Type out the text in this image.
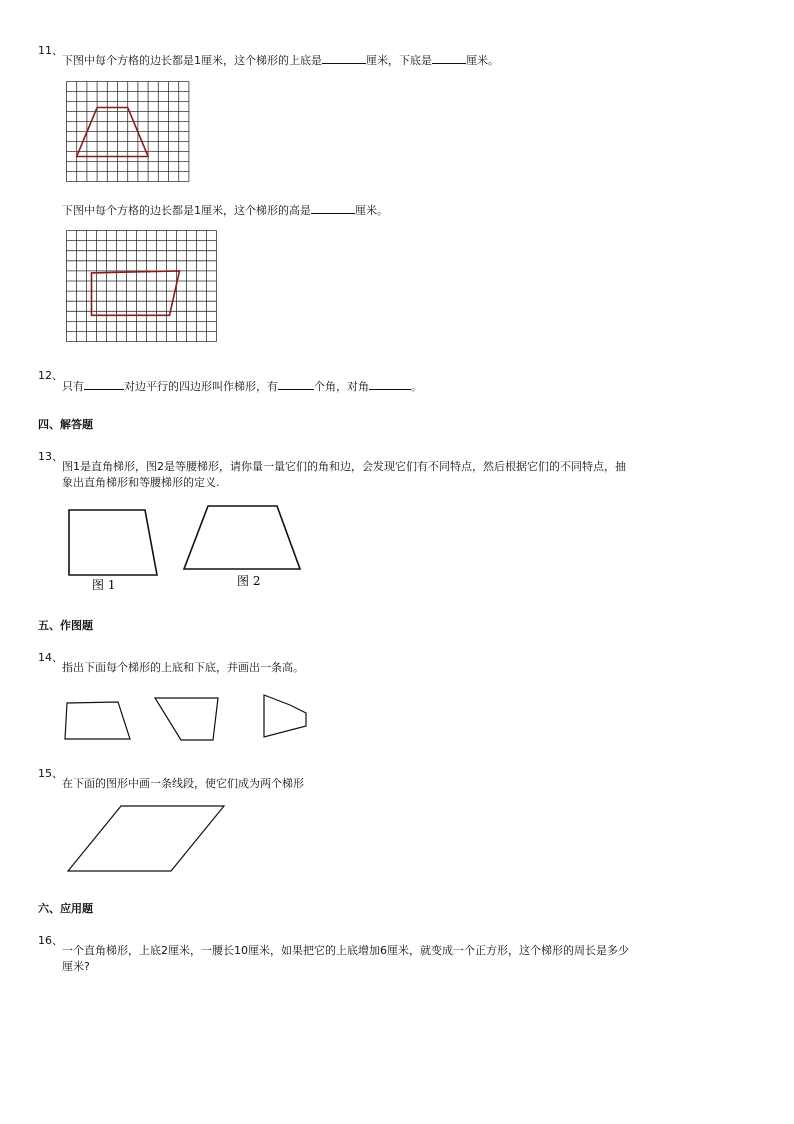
11、
下图中每个方格的边长都是1厘米，这个梯形的上底是	厘米，下底是	厘米。
下图中每个方格的边长都是1厘米，这个梯形的高是	厘米。
12、
只有	对边平行的四边形叫作梯形，有	个角，对角	。
四、解答题
13、
图1是直角梯形，图2是等腰梯形，请你量一量它们的角和边，会发现它们有不同特点，然后根据它们的不同特点，抽
象出直角梯形和等腰梯形的定义.
图 1	图 2
五、作图题
14、
指出下面每个梯形的上底和下底，并画出一条高。
15、
在下面的图形中画一条线段，使它们成为两个梯形
六、应用题
16、
一个直角梯形，上底2厘米，一腰长10厘米，如果把它的上底增加6厘米，就变成一个正方形，这个梯形的周长是多少
厘米?
